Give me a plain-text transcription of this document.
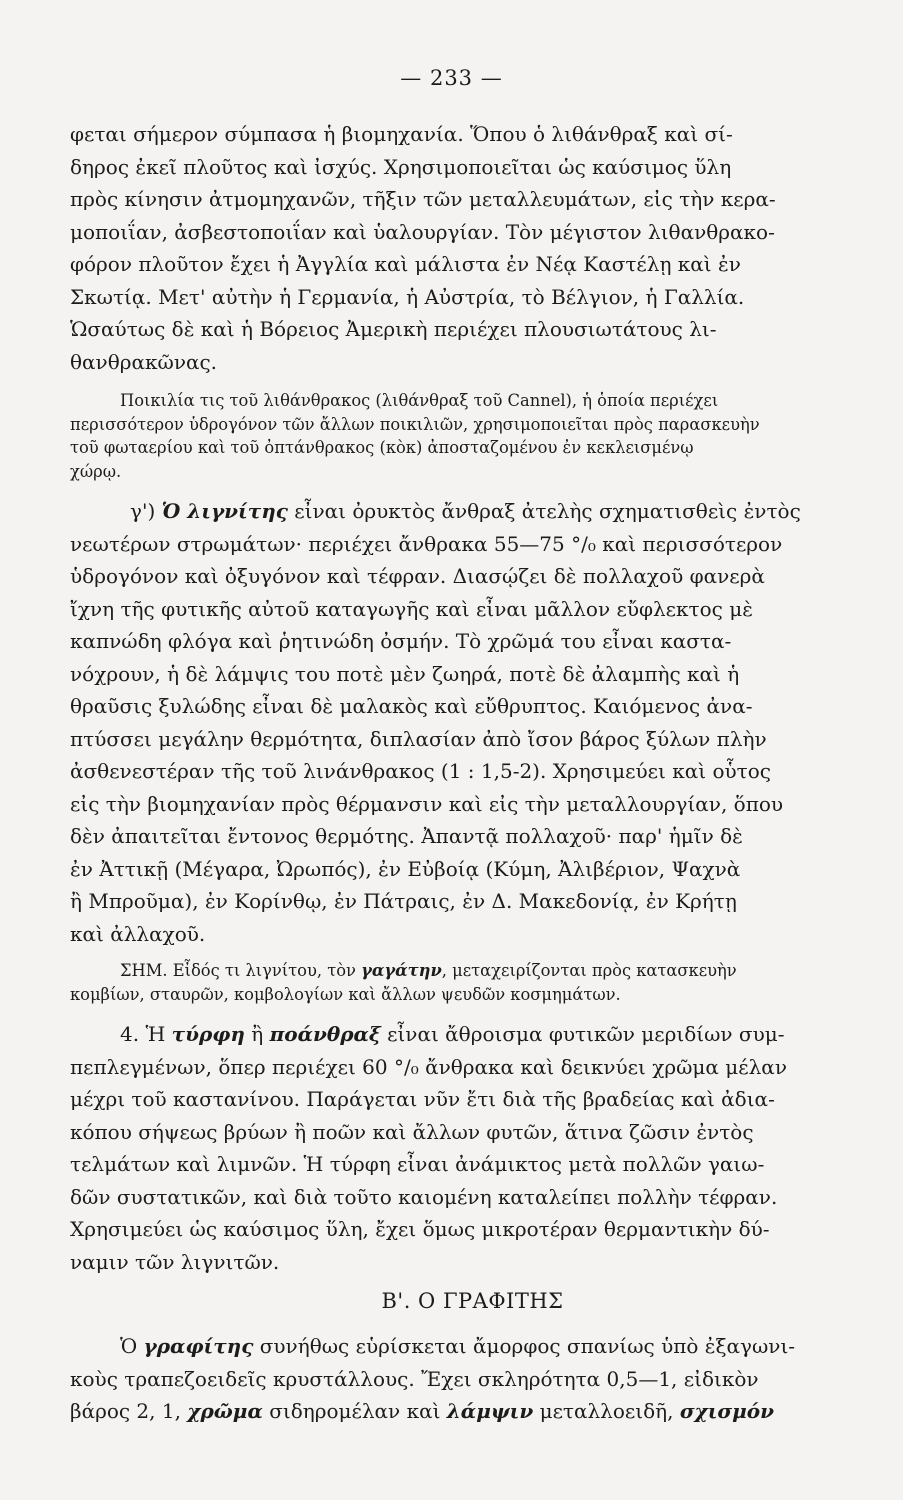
— 233 —
φεται σήμερον σύμπασα ἡ βιομηχανία. Ὅπου ὁ λιθάνθραξ καὶ σί-
δηρος ἐκεῖ πλοῦτος καὶ ἰσχύς. Χρησιμοποιεῖται ὡς καύσιμος ὕλη
πρὸς κίνησιν ἀτμομηχανῶν, τῆξιν τῶν μεταλλευμάτων, εἰς τὴν κερα-
μοποιΐαν, ἀσβεστοποιΐαν καὶ ὑαλουργίαν. Τὸν μέγιστον λιθανθρακο-
φόρον πλοῦτον ἔχει ἡ Ἀγγλία καὶ μάλιστα ἐν Νέᾳ Καστέλῃ καὶ ἐν
Σκωτίᾳ. Μετ' αὐτὴν ἡ Γερμανία, ἡ Αὐστρία, τὸ Βέλγιον, ἡ Γαλλία.
Ὡσαύτως δὲ καὶ ἡ Βόρειος Ἀμερικὴ περιέχει πλουσιωτάτους λι-
θανθρακῶνας.
Ποικιλία τις τοῦ λιθάνθρακος (λιθάνθραξ τοῦ Cannel), ἡ ὁποία περιέχει
περισσότερον ὑδρογόνον τῶν ἄλλων ποικιλιῶν, χρησιμοποιεῖται πρὸς παρασκευὴν
τοῦ φωταερίου καὶ τοῦ ὀπτάνθρακος (κὸκ) ἀποσταζομένου ἐν κεκλεισμένῳ
χώρῳ.
γ') Ὁ λιγνίτης εἶναι ὀρυκτὸς ἄνθραξ ἀτελὴς σχηματισθεὶς ἐντὸς
νεωτέρων στρωμάτων· περιέχει ἄνθρακα 55—75 °/₀ καὶ περισσότερον
ὑδρογόνον καὶ ὀξυγόνον καὶ τέφραν. Διασῴζει δὲ πολλαχοῦ φανερὰ
ἴχνη τῆς φυτικῆς αὐτοῦ καταγωγῆς καὶ εἶναι μᾶλλον εὔφλεκτος μὲ
καπνώδη φλόγα καὶ ῥητινώδη ὀσμήν. Τὸ χρῶμά του εἶναι καστα-
νόχρουν, ἡ δὲ λάμψις του ποτὲ μὲν ζωηρά, ποτὲ δὲ ἀλαμπὴς καὶ ἡ
θραῦσις ξυλώδης εἶναι δὲ μαλακὸς καὶ εὔθρυπτος. Καιόμενος ἀνα-
πτύσσει μεγάλην θερμότητα, διπλασίαν ἀπὸ ἴσον βάρος ξύλων πλὴν
ἀσθενεστέραν τῆς τοῦ λινάνθρακος (1 : 1,5-2). Χρησιμεύει καὶ οὗτος
εἰς τὴν βιομηχανίαν πρὸς θέρμανσιν καὶ εἰς τὴν μεταλλουργίαν, ὅπου
δὲν ἀπαιτεῖται ἔντονος θερμότης. Ἀπαντᾷ πολλαχοῦ· παρ' ἡμῖν δὲ
ἐν Ἀττικῇ (Μέγαρα, Ὠρωπός), ἐν Εὐβοίᾳ (Κύμη, Ἀλιβέριον, Ψαχνὰ
ἢ Μπροῦμα), ἐν Κορίνθῳ, ἐν Πάτραις, ἐν Δ. Μακεδονίᾳ, ἐν Κρήτῃ
καὶ ἀλλαχοῦ.
ΣΗΜ. Εἶδός τι λιγνίτου, τὸν γαγάτην, μεταχειρίζονται πρὸς κατασκευὴν
κομβίων, σταυρῶν, κομβολογίων καὶ ἄλλων ψευδῶν κοσμημάτων.
4. Ἡ τύρφη ἢ ποάνθραξ εἶναι ἄθροισμα φυτικῶν μεριδίων συμ-
πεπλεγμένων, ὅπερ περιέχει 60 °/₀ ἄνθρακα καὶ δεικνύει χρῶμα μέλαν
μέχρι τοῦ καστανίνου. Παράγεται νῦν ἔτι διὰ τῆς βραδείας καὶ ἀδια-
κόπου σήψεως βρύων ἢ ποῶν καὶ ἄλλων φυτῶν, ἅτινα ζῶσιν ἐντὸς
τελμάτων καὶ λιμνῶν. Ἡ τύρφη εἶναι ἀνάμικτος μετὰ πολλῶν γαιω-
δῶν συστατικῶν, καὶ διὰ τοῦτο καιομένη καταλείπει πολλὴν τέφραν.
Χρησιμεύει ὡς καύσιμος ὕλη, ἔχει ὅμως μικροτέραν θερμαντικὴν δύ-
ναμιν τῶν λιγνιτῶν.
Β'. Ο ΓΡΑΦΙΤΗΣ
Ὁ γραφίτης συνήθως εὑρίσκεται ἄμορφος σπανίως ὑπὸ ἐξαγωνι-
κοὺς τραπεζοειδεῖς κρυστάλλους. Ἔχει σκληρότητα 0,5—1, εἰδικὸν
βάρος 2, 1, χρῶμα σιδηρομέλαν καὶ λάμψιν μεταλλοειδῆ, σχισμόν
